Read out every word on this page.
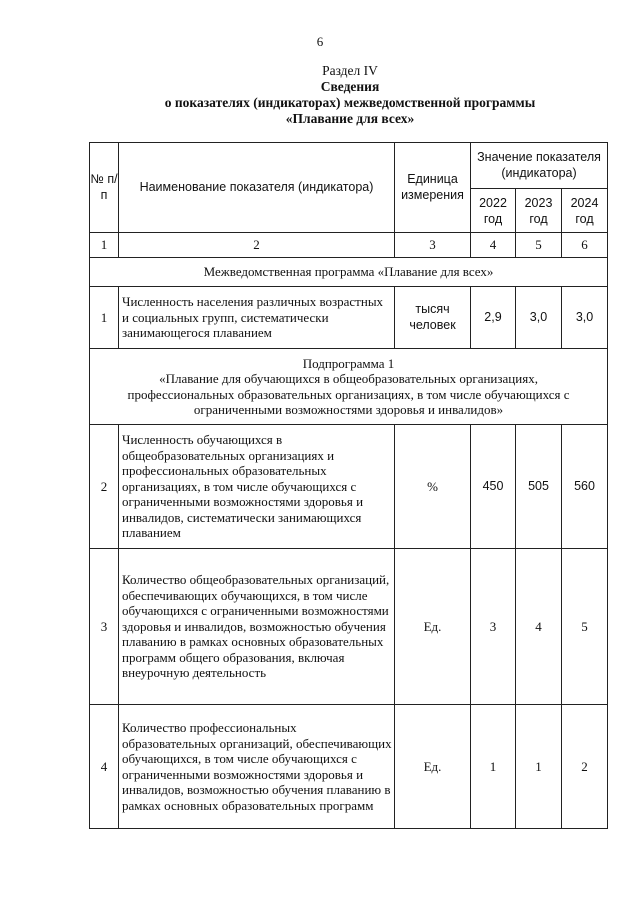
6
Раздел IV
Сведения
о показателях (индикаторах) межведомственной программы
«Плавание для всех»
№ п/п	Наименование показателя (индикатора)	Единица измерения	Значение показателя (индикатора)		
			2022 год	2023 год	2024 год
1	2	3	4	5	6
Межведомственная программа «Плавание для всех»					
1	Численность населения различных возрастных и социальных групп, систематически занимающегося плаванием	тысяч человек	2,9	3,0	3,0

Подпрограмма 1
«Плавание для обучающихся в общеобразовательных организациях, профессиональных образовательных организациях, в том числе обучающихся с ограниченными возможностями здоровья и инвалидов»					

2	Численность обучающихся в общеобразовательных организациях и профессиональных образовательных организациях, в том числе обучающихся с ограниченными возможностями здоровья и инвалидов, систематически занимающихся плаванием	%	450	505	560
3	Количество общеобразовательных организаций, обеспечивающих обучающихся, в том числе обучающихся с ограниченными возможностями здоровья и инвалидов, возможностью обучения плаванию в рамках основных образовательных программ общего образования, включая внеурочную деятельность	Ед.	3	4	5
4	Количество профессиональных образовательных организаций, обеспечивающих обучающихся, в том числе обучающихся с ограниченными возможностями здоровья и инвалидов, возможностью обучения плаванию в рамках основных образовательных программ	Ед.	1	1	2
